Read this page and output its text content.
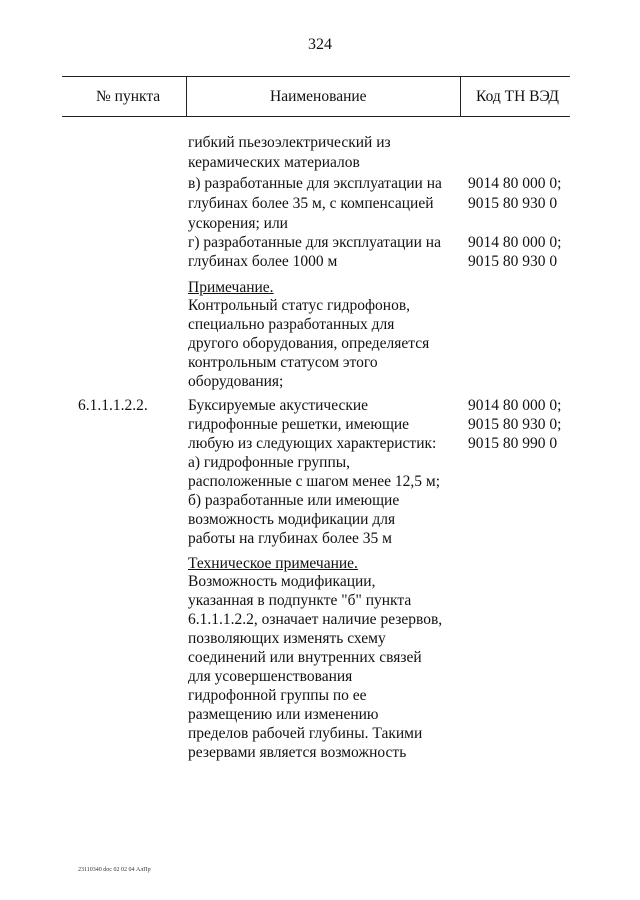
324
№ пункта	Наименование	Код ТН ВЭД
гибкий пьезоэлектрический из
керамических материалов
в) разработанные для эксплуатации на
глубинах более 35 м, с компенсацией
ускорения; или
г) разработанные для эксплуатации на
глубинах более 1000 м
Примечание.
Контрольный статус гидрофонов,
специально разработанных для
другого оборудования, определяется
контрольным статусом этого
оборудования;
Буксируемые акустические
гидрофонные решетки, имеющие
любую из следующих характеристик:
а) гидрофонные группы,
расположенные с шагом менее 12,5 м;
б) разработанные или имеющие
возможность модификации для
работы на глубинах более 35 м
Техническое примечание.
Возможность модификации,
указанная в подпункте "б" пункта
6.1.1.1.2.2, означает наличие резервов,
позволяющих изменять схему
соединений или внутренних связей
для усовершенствования
гидрофонной группы по ее
размещению или изменению
пределов рабочей глубины. Такими
резервами является возможность
6.1.1.1.2.2.
9014 80 000 0;
9015 80 930 0
9014 80 000 0;
9015 80 930 0
9014 80 000 0;
9015 80 930 0;
9015 80 990 0
23110340 doc 02 02 04 АлПр
